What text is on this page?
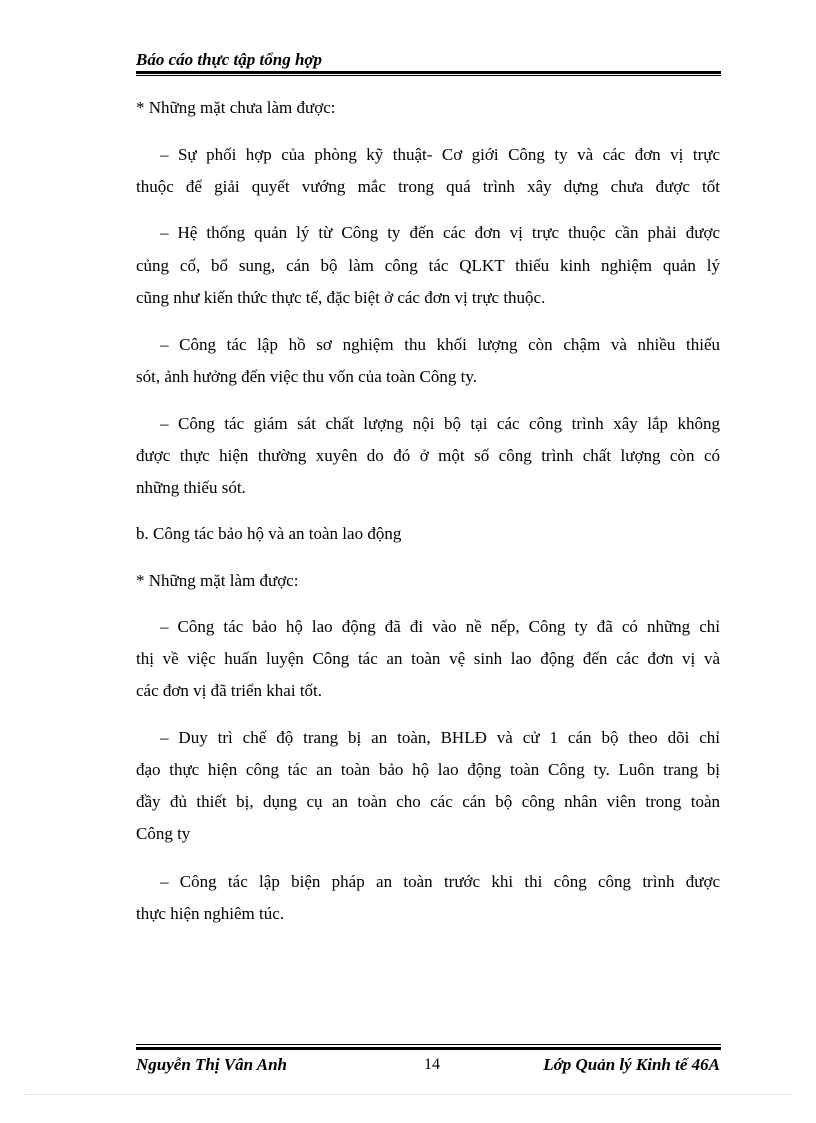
Báo cáo thực tập tổng hợp
* Những mặt chưa làm được:
– Sự phối hợp của phòng kỹ thuật- Cơ giới Công ty và các đơn vị trực
thuộc để giải quyết vướng mắc trong quá trình xây dựng chưa được tốt
– Hệ thống quản lý từ Công ty đến các đơn vị trực thuộc cần phải được
củng cố, bổ sung, cán bộ làm công tác QLKT thiếu kinh nghiệm quản lý
cũng như kiến thức thực tế, đặc biệt ở các đơn vị trực thuộc.
– Công tác lập hồ sơ nghiệm thu khối lượng còn chậm và nhiều thiếu
sót, ảnh hưởng đến việc thu vốn của toàn Công ty.
– Công tác giám sát chất lượng nội bộ tại các công trình xây lắp không
được thực hiện thường xuyên do đó ở một số công trình chất lượng còn có
những thiếu sót.
b. Công tác bảo hộ và an toàn lao động
* Những mặt làm được:
– Công tác bảo hộ lao động đã đi vào nề nếp, Công ty đã có những chỉ
thị về việc huấn luyện Công tác an toàn vệ sinh lao động đến các đơn vị và
các đơn vị đã triển khai tốt.
– Duy trì chế độ trang bị an toàn, BHLĐ và cử 1 cán bộ theo dõi chỉ
đạo thực hiện công tác an toàn bảo hộ lao động toàn Công ty. Luôn trang bị
đầy đủ thiết bị, dụng cụ an toàn cho các cán bộ công nhân viên trong toàn
Công ty
– Công tác lập biện pháp an toàn trước khi thi công công trình được
thực hiện nghiêm túc.
Nguyễn Thị Vân Anh	14	Lớp Quản lý Kinh tế 46A
